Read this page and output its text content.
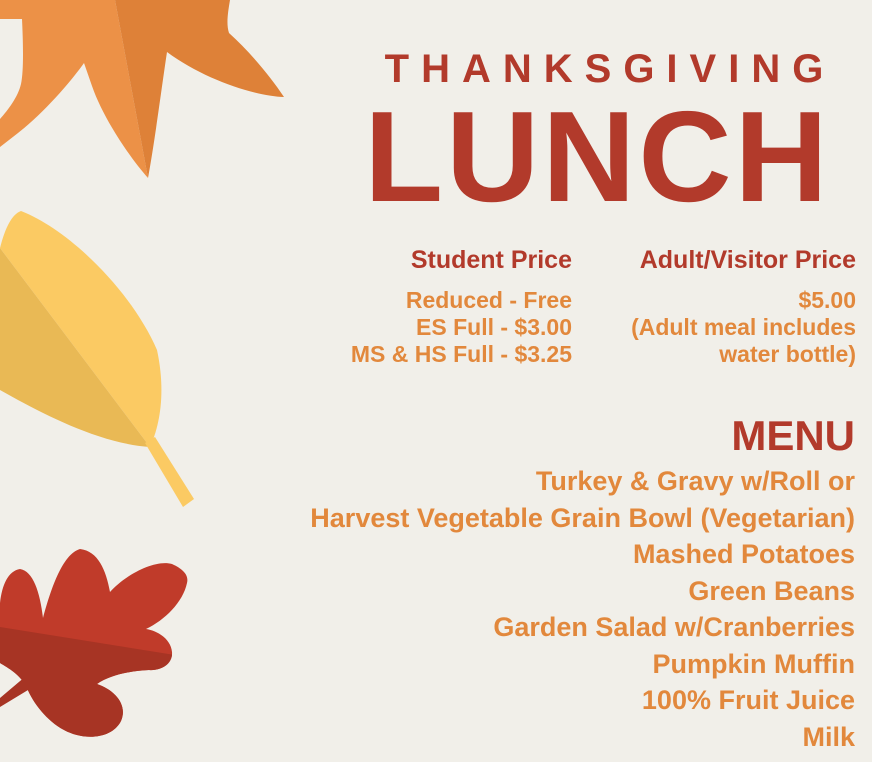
THANKSGIVING
LUNCH
Student Price
Reduced - Free
ES Full - $3.00
MS & HS Full - $3.25
Adult/Visitor Price
$5.00
(Adult meal includes
water bottle)
MENU
Turkey & Gravy w/Roll or
Harvest Vegetable Grain Bowl (Vegetarian)
Mashed Potatoes
Green Beans
Garden Salad w/Cranberries
Pumpkin Muffin
100% Fruit Juice
Milk
